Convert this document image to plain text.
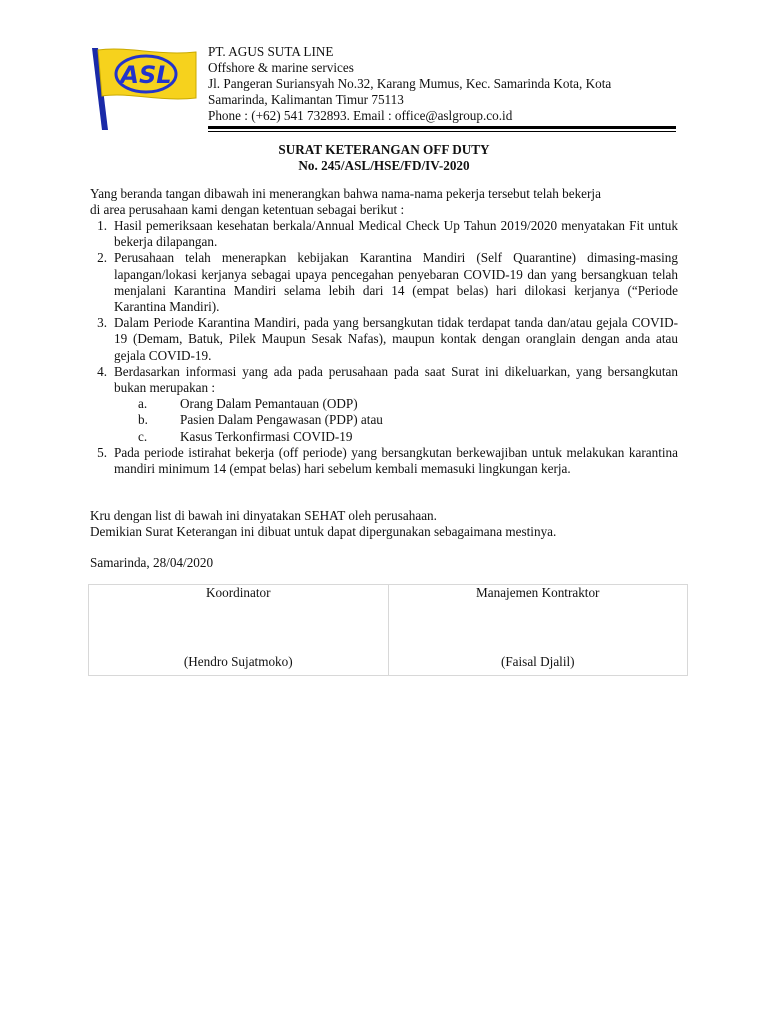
ASL
PT. AGUS SUTA LINE
Offshore & marine services
Jl. Pangeran Suriansyah No.32, Karang Mumus, Kec. Samarinda Kota, Kota
Samarinda, Kalimantan Timur 75113
Phone : (+62) 541 732893. Email : office@aslgroup.co.id
SURAT KETERANGAN OFF DUTY
No. 245/ASL/HSE/FD/IV-2020
Yang beranda tangan dibawah ini menerangkan bahwa nama-nama pekerja tersebut telah bekerja
di area perusahaan kami dengan ketentuan sebagai berikut :
1. Hasil pemeriksaan kesehatan berkala/Annual Medical Check Up Tahun 2019/2020 menyatakan Fit untuk bekerja dilapangan.
2. Perusahaan telah menerapkan kebijakan Karantina Mandiri (Self Quarantine) dimasing-masing lapangan/lokasi kerjanya sebagai upaya pencegahan penyebaran COVID-19 dan yang bersangkuan telah menjalani Karantina Mandiri selama lebih dari 14 (empat belas) hari dilokasi kerjanya (“Periode Karantina Mandiri).
3. Dalam Periode Karantina Mandiri, pada yang bersangkutan tidak terdapat tanda dan/atau gejala COVID-19 (Demam, Batuk, Pilek Maupun Sesak Nafas), maupun kontak dengan oranglain dengan anda atau gejala COVID-19.
4. Berdasarkan informasi yang ada pada perusahaan pada saat Surat ini dikeluarkan, yang bersangkutan bukan merupakan :
a. Orang Dalam Pemantauan (ODP)
b. Pasien Dalam Pengawasan (PDP) atau
c. Kasus Terkonfirmasi COVID-19
5. Pada periode istirahat bekerja (off periode) yang bersangkutan berkewajiban untuk melakukan karantina mandiri minimum 14 (empat belas) hari sebelum kembali memasuki lingkungan kerja.
Kru dengan list di bawah ini dinyatakan SEHAT oleh perusahaan.
Demikian Surat Keterangan ini dibuat untuk dapat dipergunakan sebagaimana mestinya.
Samarinda, 28/04/2020
Koordinator
(Hendro Sujatmoko)
Manajemen Kontraktor
(Faisal Djalil)
